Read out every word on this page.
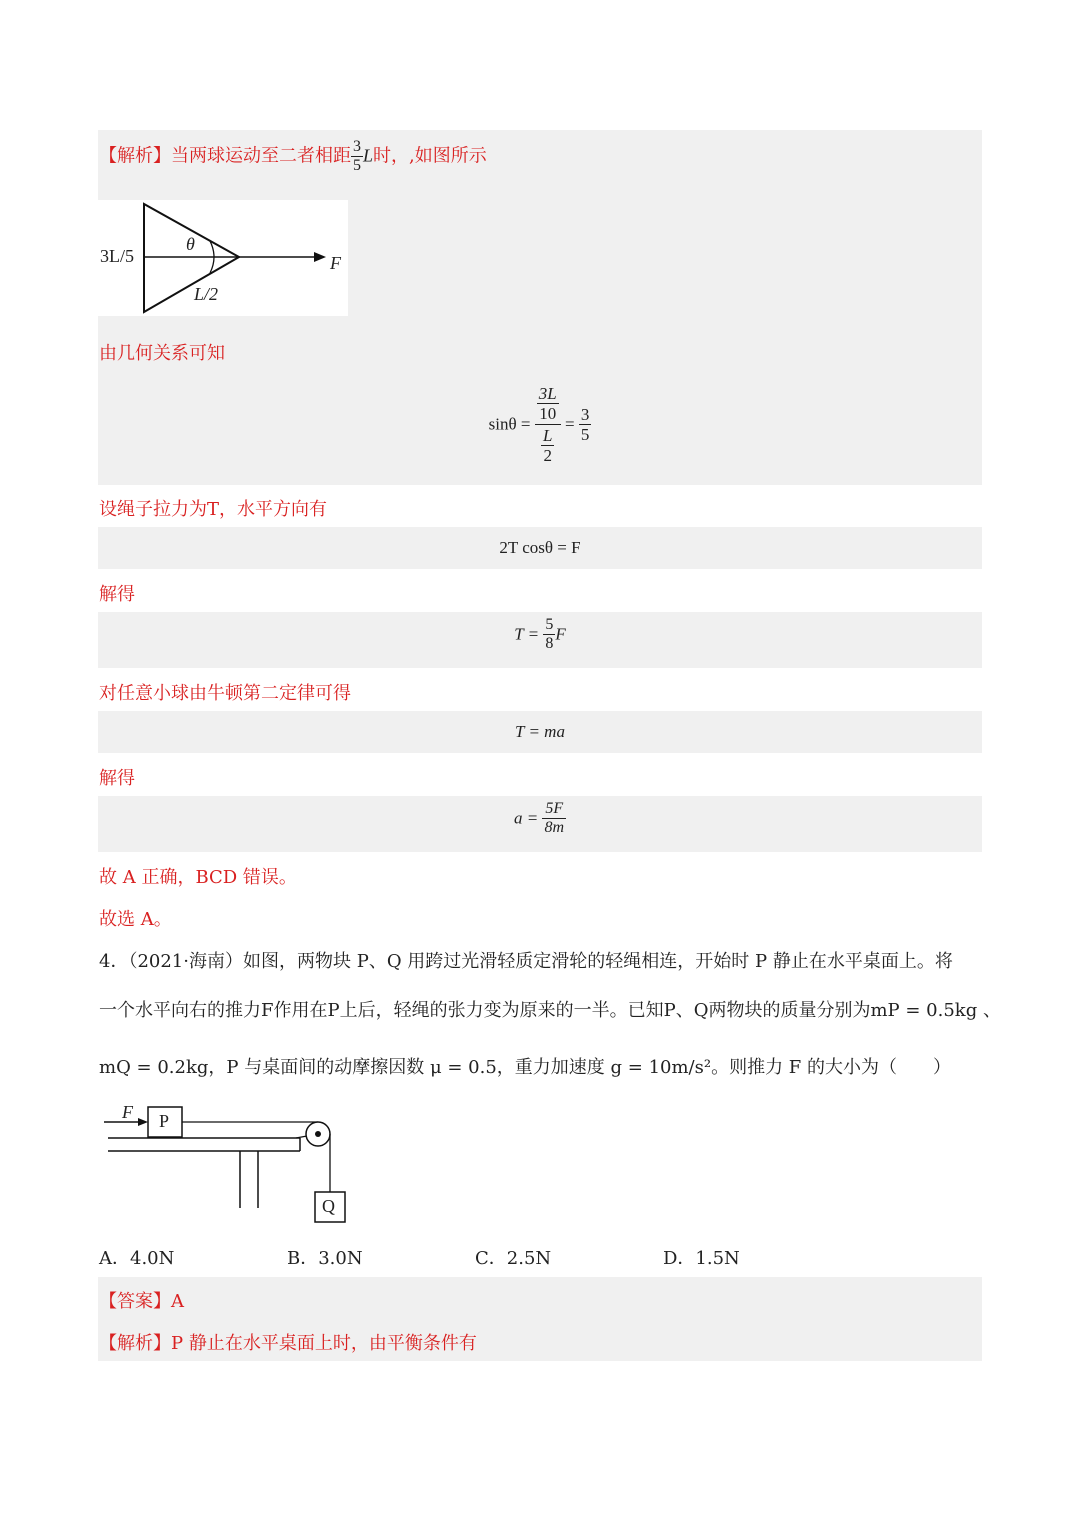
【解析】当两球运动至二者相距 $\frac{3}{5}$ L时，,如图所示
3L/5
θ
L/2
F
由几何关系可知
$\sin\theta = \frac{\frac{3L}{10}}{\frac{L}{2}} = \frac{3}{5}$
设绳子拉力为T，水平方向有
2T cosθ = F
解得
$T = \frac{5}{8}$ F
对任意小球由牛顿第二定律可得
T = ma
解得
$a = \frac{5F}{8m}$
故 A 正确，BCD 错误。
故选 A。
4．（2021·海南）如图，两物块 P、Q 用跨过光滑轻质定滑轮的轻绳相连，开始时 P 静止在水平桌面上。将
一个水平向右的推力F作用在P上后，轻绳的张力变为原来的一半。已知P、Q两物块的质量分别为mP = 0.5kg 、
mQ = 0.2kg，P 与桌面间的动摩擦因数 μ = 0.5，重力加速度 g = 10m/s²。则推力 F 的大小为（　　）
F P
Q
A．4.0N	B．3.0N	C．2.5N	D．1.5N
【答案】A
【解析】P 静止在水平桌面上时，由平衡条件有
